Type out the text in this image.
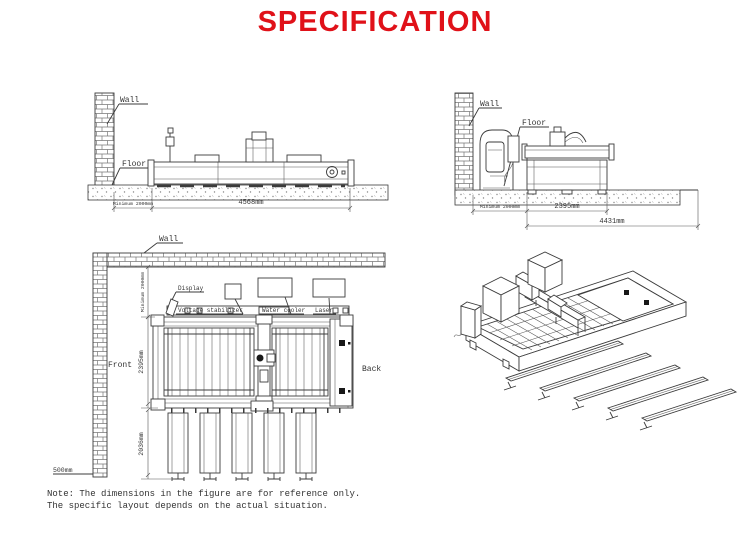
SPECIFICATION
Wall
Floor
Minimum 2000mm	4568mm
Wall
Floor
Minimum 2000mm	2395mm
4431mm
Wall
500mm
Minimum 2000mm	Display
Voltage stabilizer	Water cooler Laser
2395mm
2036mm
Front	Back
Note: The dimensions in the figure are for reference only.
The specific layout depends on the actual situation.
